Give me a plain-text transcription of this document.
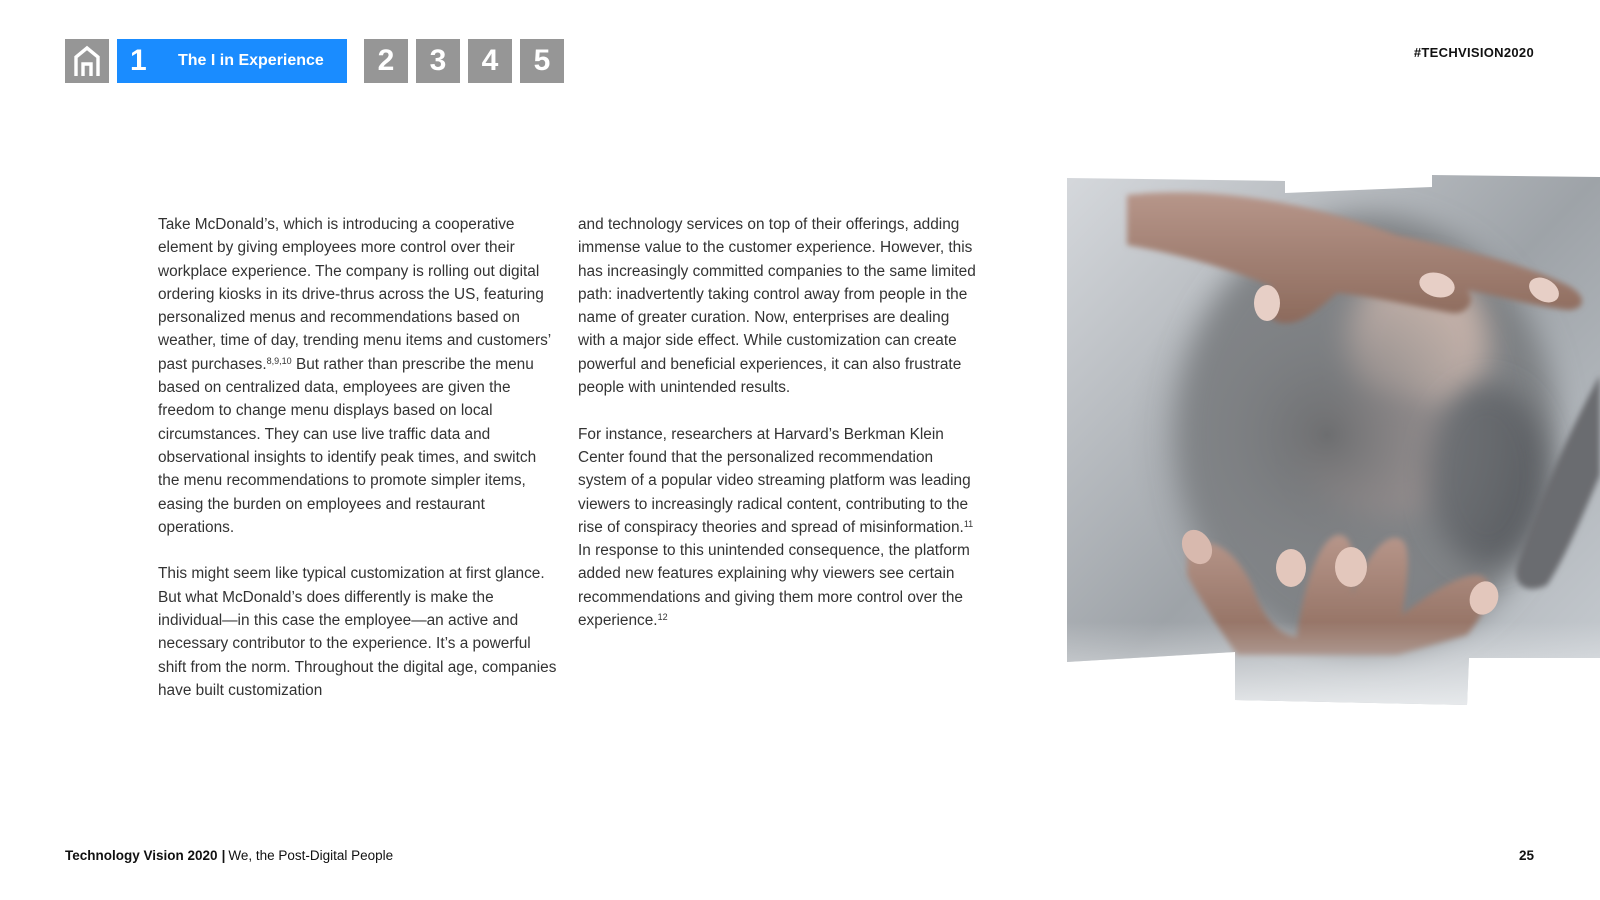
1	The I in Experience	2	3	4	5	#TECHVISION2020

Take McDonald’s, which is introducing a cooperative element by giving employees more control over their workplace experience. The company is rolling out digital ordering kiosks in its drive-thrus across the US, featuring personalized menus and recommendations based on weather, time of day, trending menu items and customers’ past purchases.$^{8,9,10}$ But rather than prescribe the menu based on centralized data, employees are given the freedom to change menu displays based on local circumstances. They can use live traffic data and observational insights to identify peak times, and switch the menu recommendations to promote simpler items, easing the burden on employees and restaurant operations.

This might seem like typical customization at first glance. But what McDonald’s does differently is make the individual—in this case the employee—an active and necessary contributor to the experience. It’s a powerful shift from the norm. Throughout the digital age, companies have built customization

and technology services on top of their offerings, adding immense value to the customer experience. However, this has increasingly committed companies to the same limited path: inadvertently taking control away from people in the name of greater curation. Now, enterprises are dealing with a major side effect. While customization can create powerful and beneficial experiences, it can also frustrate people with unintended results.

For instance, researchers at Harvard’s Berkman Klein Center found that the personalized recommendation system of a popular video streaming platform was leading viewers to increasingly radical content, contributing to the rise of conspiracy theories and spread of misinformation.$^{11}$ In response to this unintended consequence, the platform added new features explaining why viewers see certain recommendations and giving them more control over the experience.$^{12}$

Technology Vision 2020 | We, the Post-Digital People	25
